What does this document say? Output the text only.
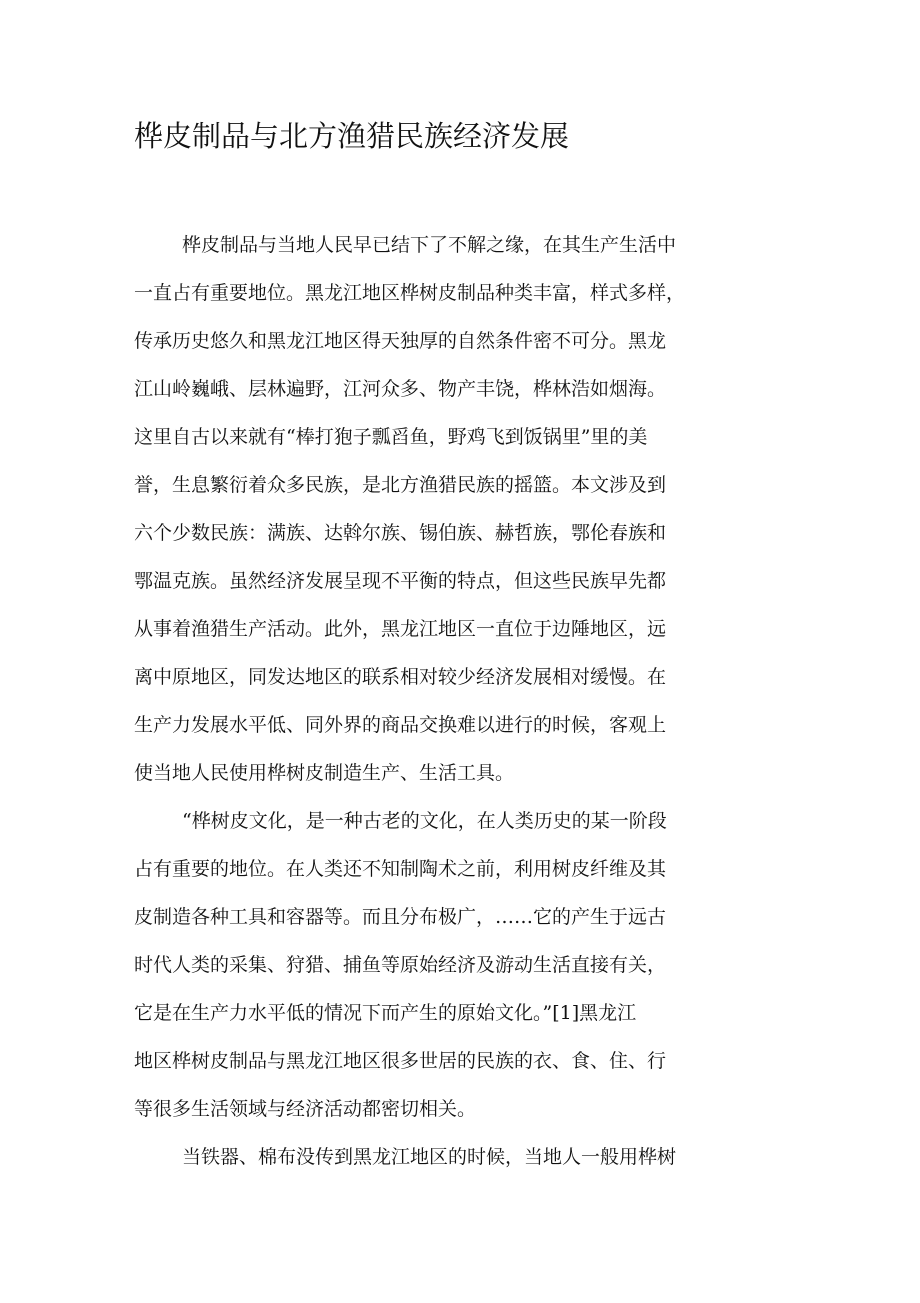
桦皮制品与北方渔猎民族经济发展
桦皮制品与当地人民早已结下了不解之缘，在其生产生活中
一直占有重要地位。黑龙江地区桦树皮制品种类丰富，样式多样，
传承历史悠久和黑龙江地区得天独厚的自然条件密不可分。黑龙
江山岭巍峨、层林遍野，江河众多、物产丰饶，桦林浩如烟海。
这里自古以来就有“棒打狍子瓢舀鱼，野鸡飞到饭锅里”里的美
誉，生息繁衍着众多民族，是北方渔猎民族的摇篮。本文涉及到
六个少数民族：满族、达斡尔族、锡伯族、赫哲族，鄂伦春族和
鄂温克族。虽然经济发展呈现不平衡的特点，但这些民族早先都
从事着渔猎生产活动。此外，黑龙江地区一直位于边陲地区，远
离中原地区，同发达地区的联系相对较少经济发展相对缓慢。在
生产力发展水平低、同外界的商品交换难以进行的时候，客观上
使当地人民使用桦树皮制造生产、生活工具。
“桦树皮文化，是一种古老的文化，在人类历史的某一阶段
占有重要的地位。在人类还不知制陶术之前，利用树皮纤维及其
皮制造各种工具和容器等。而且分布极广，……它的产生于远古
时代人类的采集、狩猎、捕鱼等原始经济及游动生活直接有关，
它是在生产力水平低的情况下而产生的原始文化。”[1]黑龙江
地区桦树皮制品与黑龙江地区很多世居的民族的衣、食、住、行
等很多生活领域与经济活动都密切相关。
当铁器、棉布没传到黑龙江地区的时候，当地人一般用桦树
